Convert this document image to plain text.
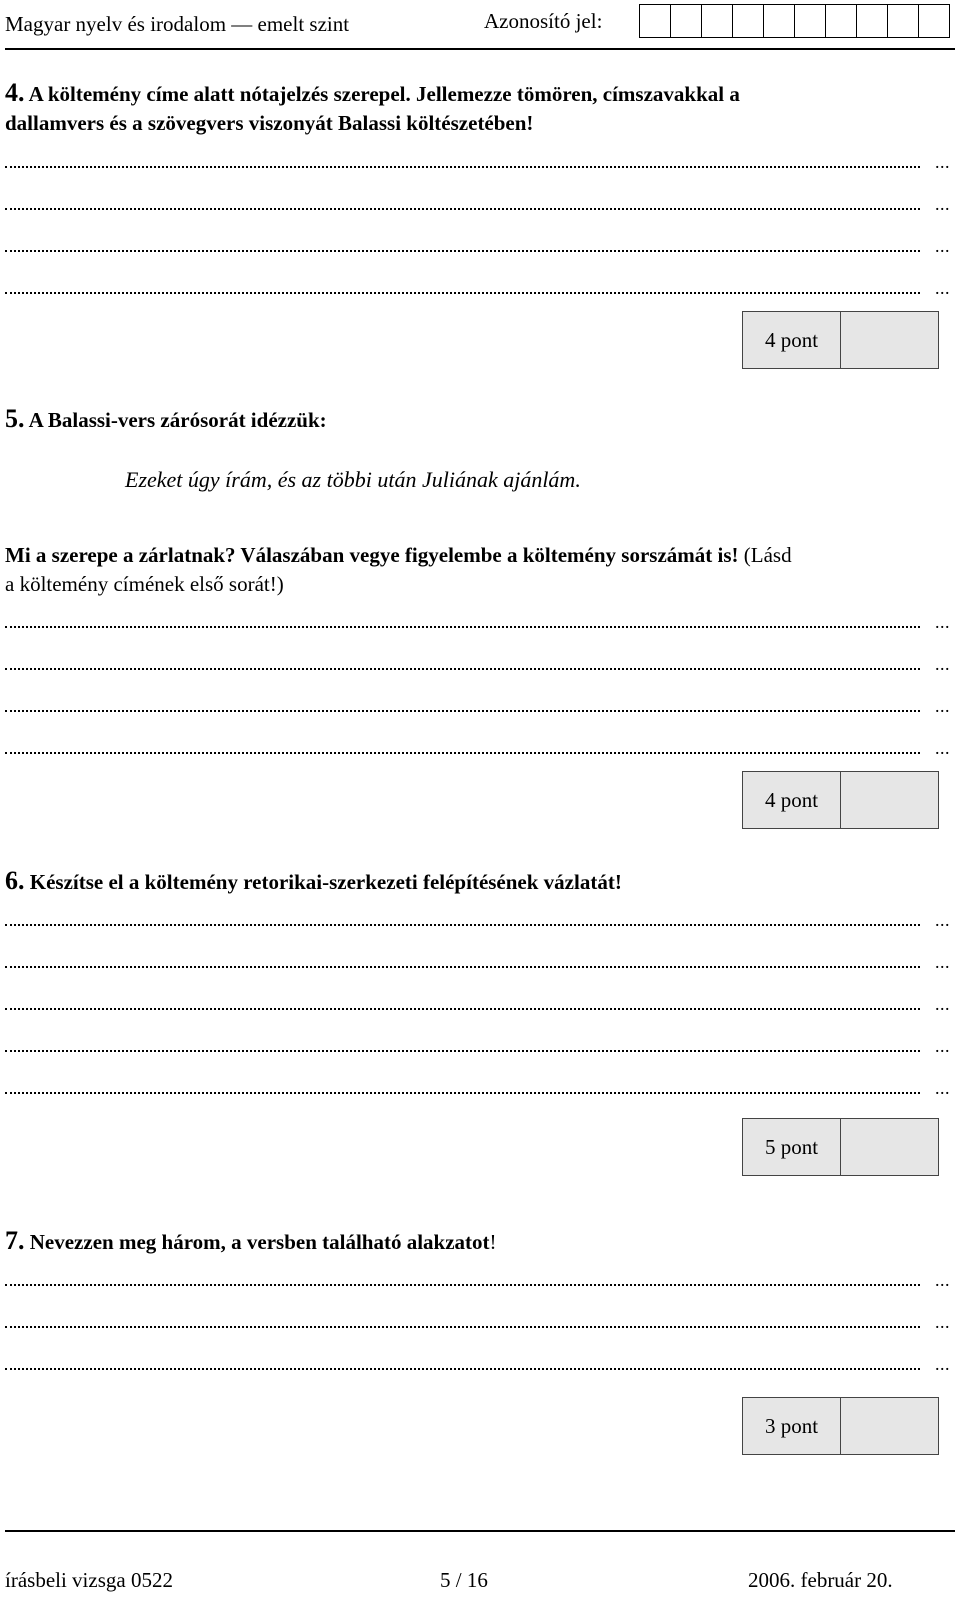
Magyar nyelv és irodalom — emelt szint	Azonosító jel:
4. A költemény címe alatt nótajelzés szerepel. Jellemezze tömören, címszavakkal a
dallamvers és a szövegvers viszonyát Balassi költészetében!
...
...
...
...
4 pont
5. A Balassi-vers zárósorát idézzük:
Ezeket úgy írám, és az többi után Juliának ajánlám.
Mi a szerepe a zárlatnak? Válaszában vegye figyelembe a költemény sorszámát is! (Lásd
a költemény címének első sorát!)
...
...
...
...
4 pont
6. Készítse el a költemény retorikai-szerkezeti felépítésének vázlatát!
...
...
...
...
...
5 pont
7. Nevezzen meg három, a versben található alakzatot!
...
...
...
3 pont
írásbeli vizsga 0522	5 / 16	2006. február 20.
